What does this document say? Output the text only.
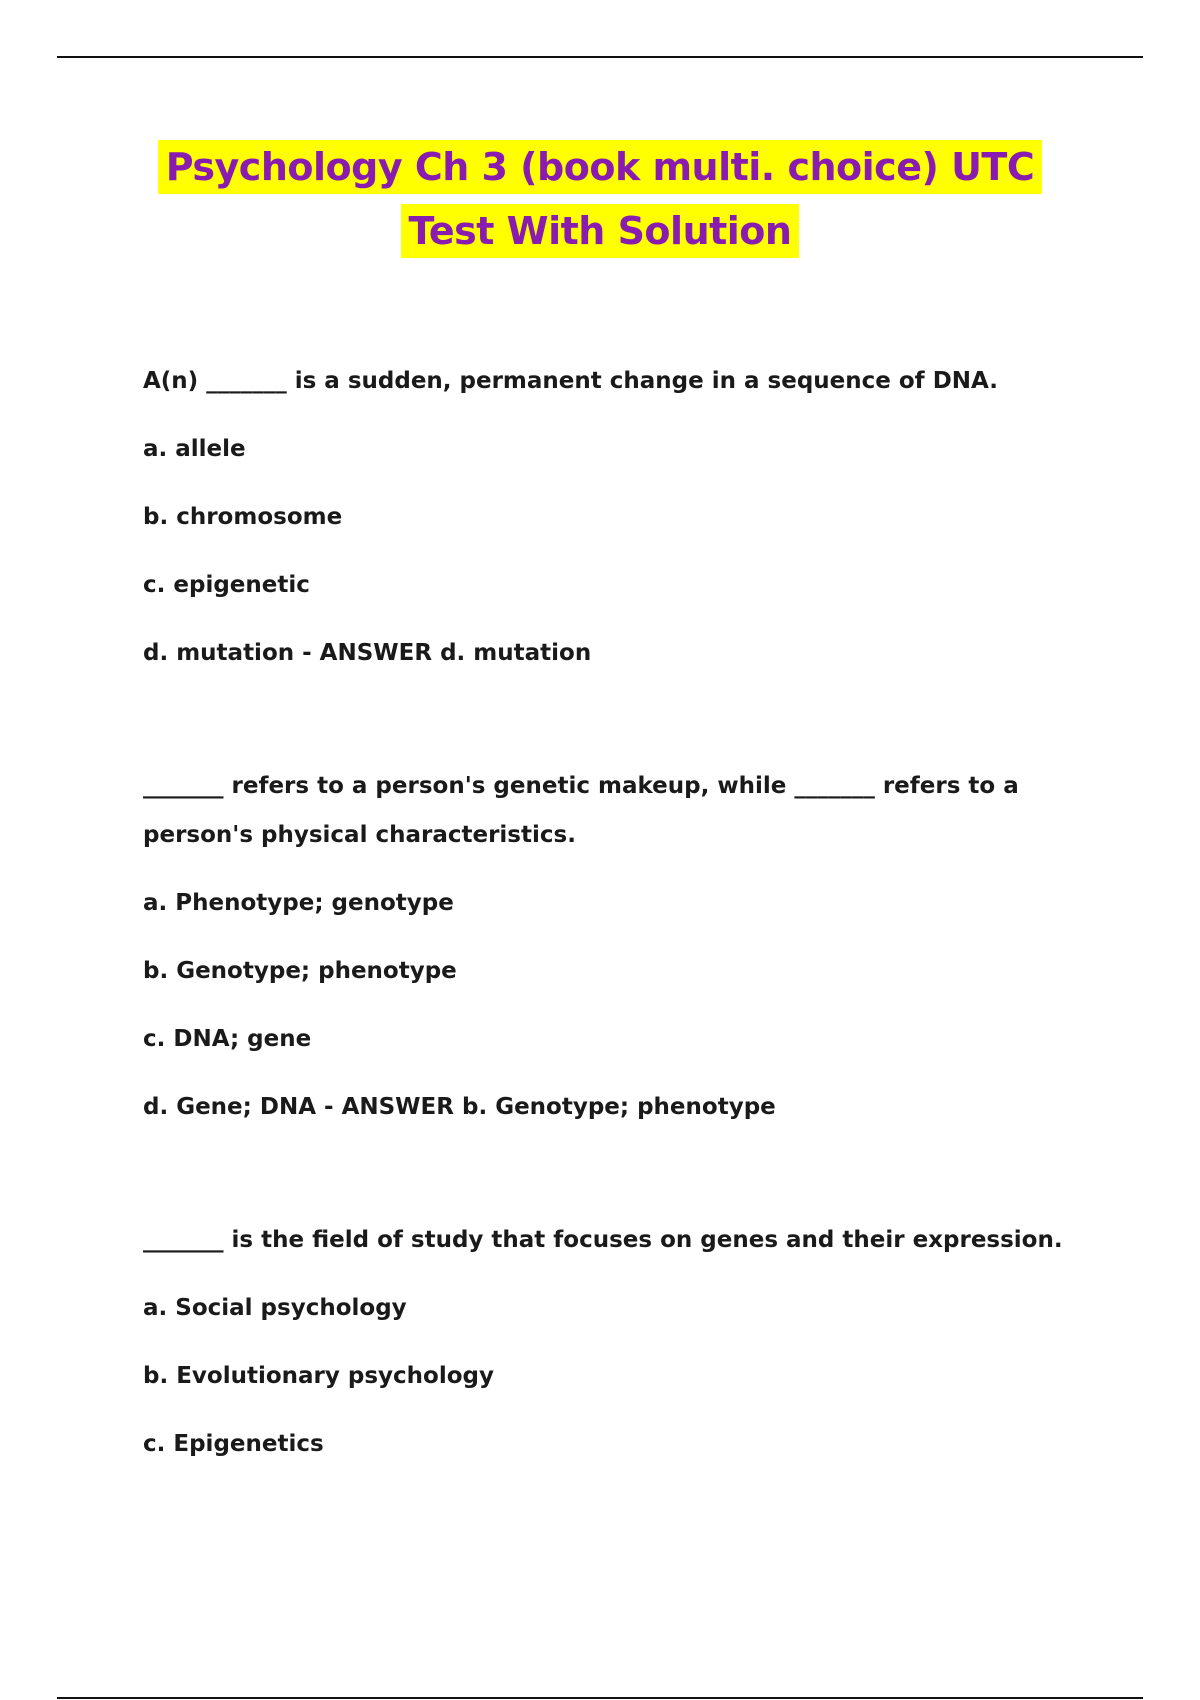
Psychology Ch 3 (book multi. choice) UTC
Test With Solution

A(n) _______ is a sudden, permanent change in a sequence of DNA.

a. allele

b. chromosome

c. epigenetic

d. mutation - ANSWER d. mutation

_______ refers to a person's genetic makeup, while _______ refers to a person's physical characteristics.

a. Phenotype; genotype

b. Genotype; phenotype

c. DNA; gene

d. Gene; DNA - ANSWER b. Genotype; phenotype

_______ is the field of study that focuses on genes and their expression.

a. Social psychology

b. Evolutionary psychology

c. Epigenetics
